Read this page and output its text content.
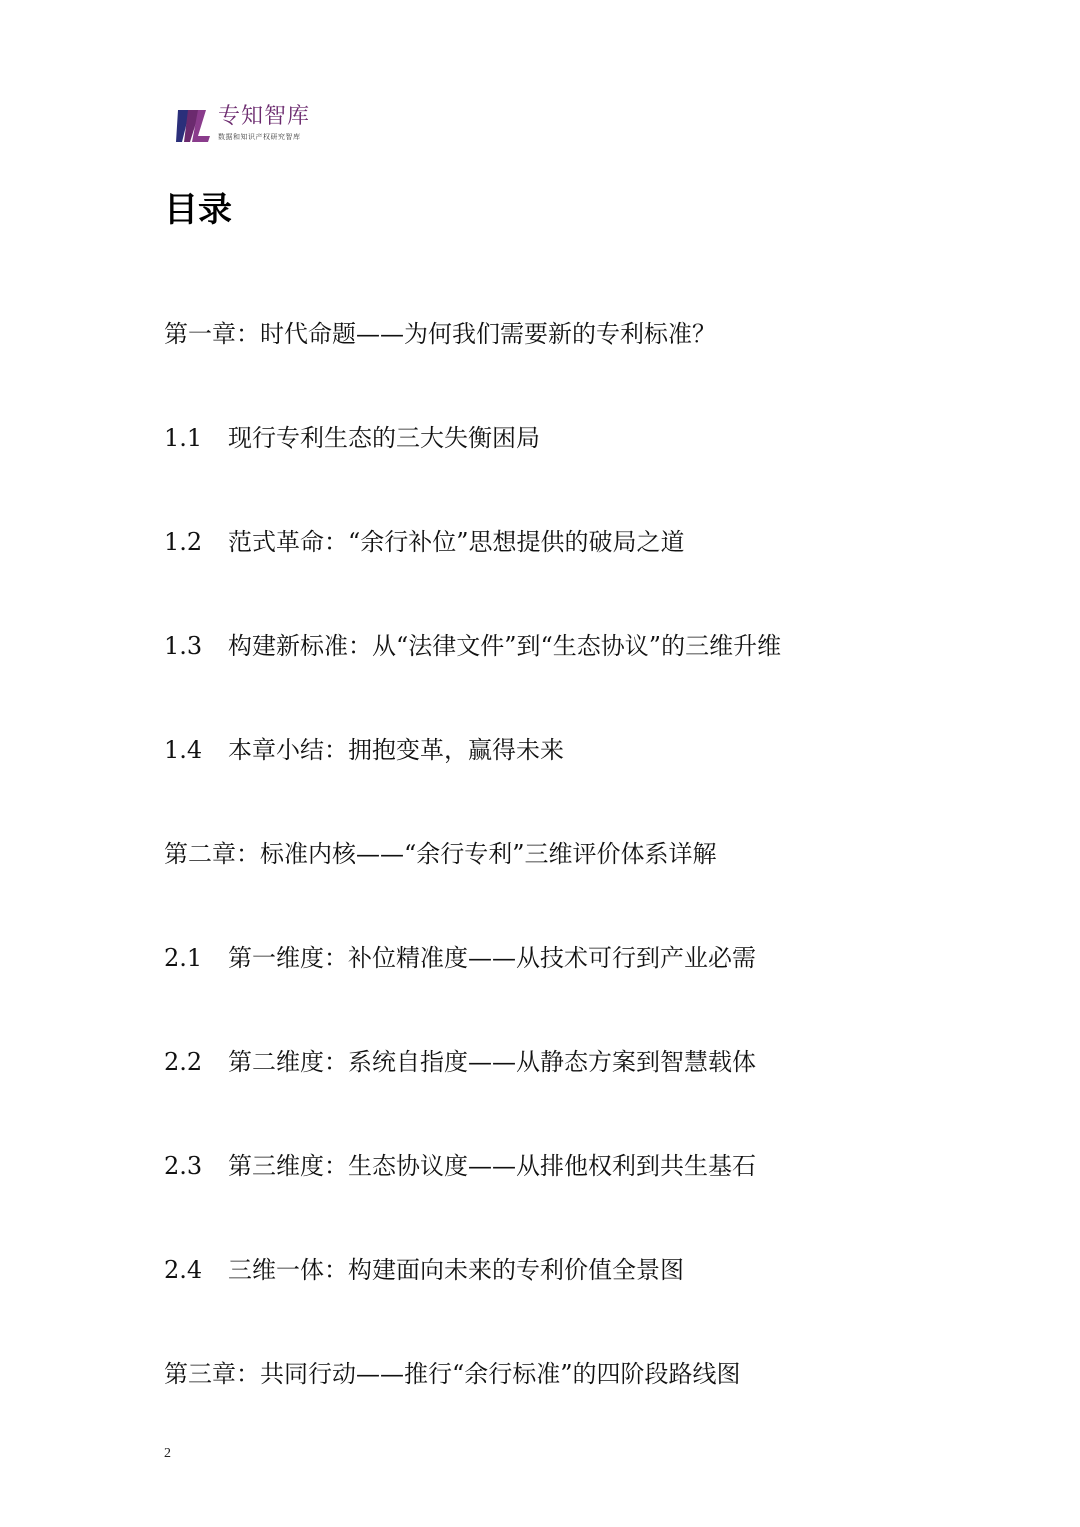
专知智库
数据和知识产权研究智库
目录
第一章：时代命题——为何我们需要新的专利标准？
1.1 现行专利生态的三大失衡困局
1.2 范式革命：“余行补位”思想提供的破局之道
1.3 构建新标准：从“法律文件”到“生态协议”的三维升维
1.4 本章小结：拥抱变革，赢得未来
第二章：标准内核——“余行专利”三维评价体系详解
2.1 第一维度：补位精准度——从技术可行到产业必需
2.2 第二维度：系统自指度——从静态方案到智慧载体
2.3 第三维度：生态协议度——从排他权利到共生基石
2.4 三维一体：构建面向未来的专利价值全景图
第三章：共同行动——推行“余行标准”的四阶段路线图
2
